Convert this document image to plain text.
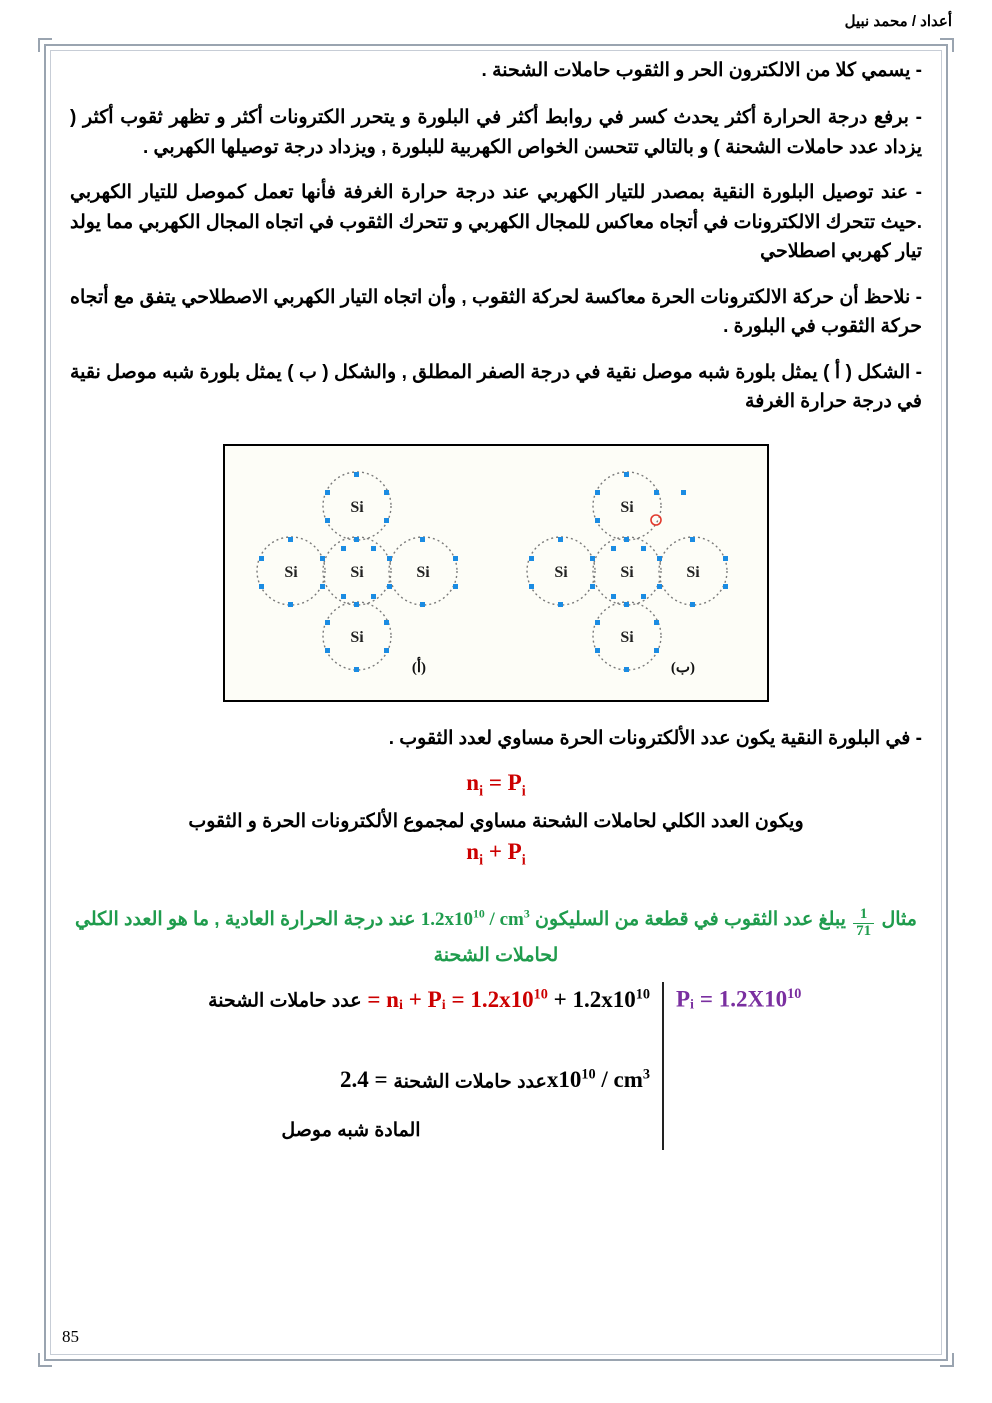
أعداد / محمد نبيل

- يسمي كلا من الالكترون الحر و الثقوب حاملات الشحنة .

- برفع درجة الحرارة أكثر يحدث كسر في روابط أكثر في البلورة و يتحرر الكترونات أكثر و تظهر ثقوب أكثر ( يزداد عدد حاملات الشحنة ) و بالتالي تتحسن الخواص الكهربية للبلورة , ويزداد درجة توصيلها الكهربي .

- عند توصيل البلورة النقية بمصدر للتيار الكهربي عند درجة حرارة الغرفة فأنها تعمل كموصل للتيار الكهربي .حيث تتحرك الالكترونات في أتجاه معاكس للمجال الكهربي و تتحرك الثقوب في اتجاه المجال الكهربي مما يولد تيار كهربي اصطلاحي

- نلاحظ أن حركة الالكترونات الحرة معاكسة لحركة الثقوب , وأن اتجاه التيار الكهربي الاصطلاحي يتفق مع أتجاه حركة الثقوب في البلورة .

- الشكل ( أ ) يمثل بلورة شبه موصل نقية في درجة الصفر المطلق , والشكل ( ب ) يمثل بلورة شبه موصل نقية في درجة حرارة الغرفة

Si
Si
Si	Si
Si
(أ)
Si
Si
Si	Si
Si
(ب)

- في البلورة النقية يكون عدد الألكترونات الحرة مساوي لعدد الثقوب .

$n_i = P_i$
ويكون العدد الكلي لحاملات الشحنة مساوي لمجموع الألكترونات الحرة و الثقوب
$n_i + P_i$
مثال
$\frac{1}{71}$
يبلغ عدد الثقوب في قطعة من السليكون $1.2x10^{10} / cm^3$ عند درجة الحرارة العادية , ما هو العدد الكلي لحاملات الشحنة
Pᵢ = $1.2X10^{10}$
عدد حاملات الشحنة = nᵢ + Pᵢ = $1.2x10^{10} + 1.2x10^{10}$
عدد حاملات الشحنة = $2.4x10^{10} / cm^3$
المادة شبه موصل
85
